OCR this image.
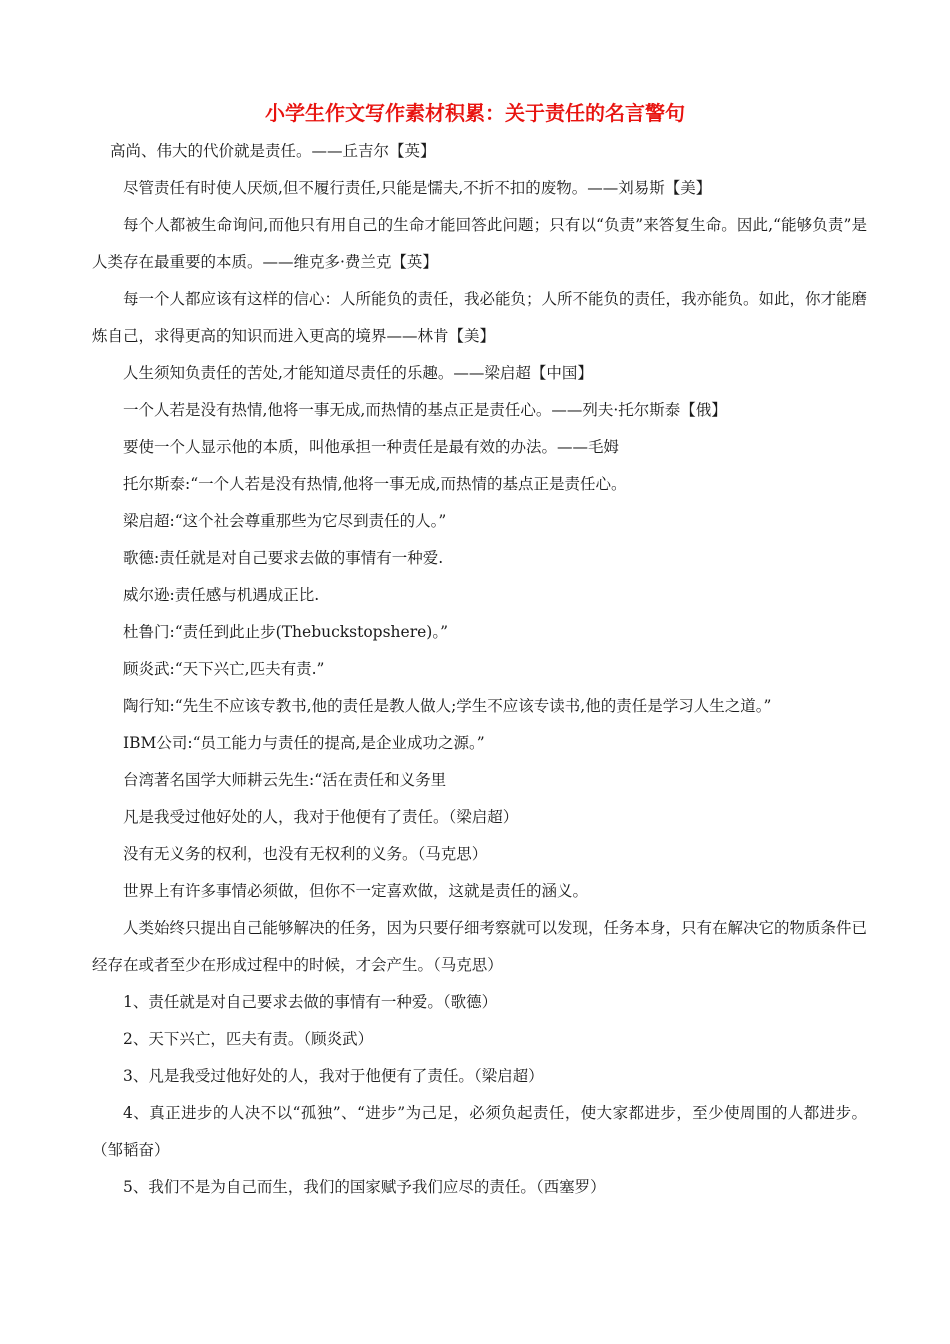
小学生作文写作素材积累：关于责任的名言警句
高尚、伟大的代价就是责任。——丘吉尔【英】
尽管责任有时使人厌烦,但不履行责任,只能是懦夫,不折不扣的废物。——刘易斯【美】
每个人都被生命询问,而他只有用自己的生命才能回答此问题；只有以“负责”来答复生命。因此,“能够负责”是人类存在最重要的本质。——维克多·费兰克【英】
每一个人都应该有这样的信心：人所能负的责任，我必能负；人所不能负的责任，我亦能负。如此，你才能磨炼自己，求得更高的知识而进入更高的境界——林肯【美】
人生须知负责任的苦处,才能知道尽责任的乐趣。——梁启超【中国】
一个人若是没有热情,他将一事无成,而热情的基点正是责任心。——列夫·托尔斯泰【俄】
要使一个人显示他的本质，叫他承担一种责任是最有效的办法。——毛姆
托尔斯泰:“一个人若是没有热情,他将一事无成,而热情的基点正是责任心。
梁启超:“这个社会尊重那些为它尽到责任的人。”
歌德:责任就是对自己要求去做的事情有一种爱.
威尔逊:责任感与机遇成正比.
杜鲁门:“责任到此止步(Thebuckstopshere)。”
顾炎武:“天下兴亡,匹夫有责.”
陶行知:“先生不应该专教书,他的责任是教人做人;学生不应该专读书,他的责任是学习人生之道。”
IBM公司:“员工能力与责任的提高,是企业成功之源。”
台湾著名国学大师耕云先生:“活在责任和义务里
凡是我受过他好处的人，我对于他便有了责任。（梁启超）
没有无义务的权利，也没有无权利的义务。（马克思）
世界上有许多事情必须做，但你不一定喜欢做，这就是责任的涵义。
人类始终只提出自己能够解决的任务，因为只要仔细考察就可以发现，任务本身，只有在解决它的物质条件已经存在或者至少在形成过程中的时候，才会产生。（马克思）
1、责任就是对自己要求去做的事情有一种爱。（歌德）
2、天下兴亡，匹夫有责。（顾炎武）
3、凡是我受过他好处的人，我对于他便有了责任。（梁启超）
4、真正进步的人决不以“孤独”、“进步”为己足，必须负起责任，使大家都进步，至少使周围的人都进步。（邹韬奋）
5、我们不是为自己而生，我们的国家赋予我们应尽的责任。（西塞罗）
